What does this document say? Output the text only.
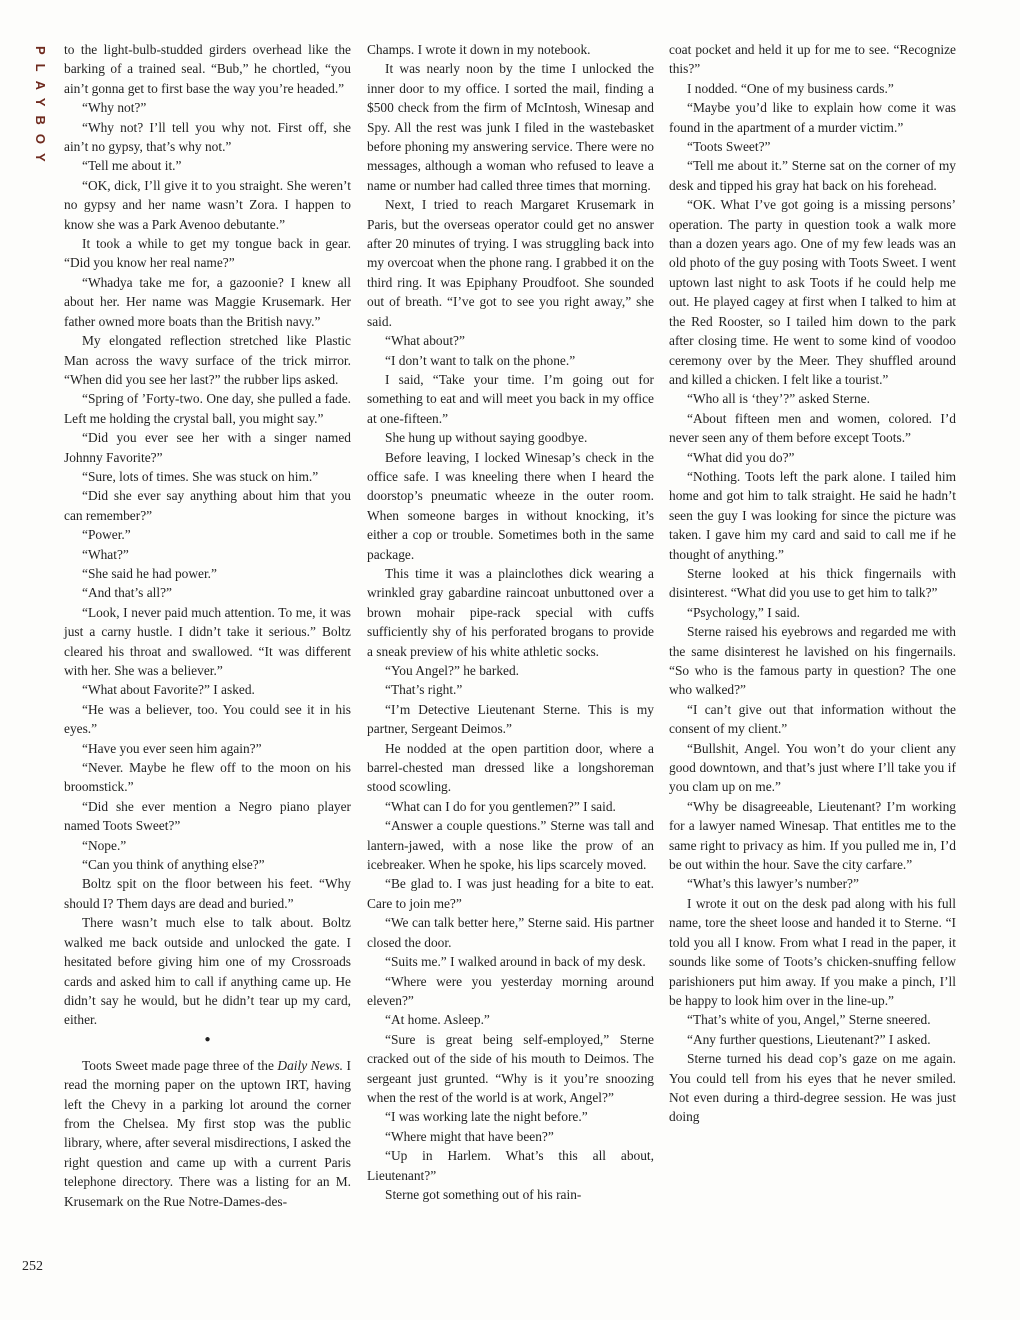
PLAYBOY to the light-bulb-studded girders overhead like the barking of a trained seal. “Bub,” he chortled, “you ain’t gonna get to first base the way you’re headed.”

“Why not?”

“Why not? I’ll tell you why not. First off, she ain’t no gypsy, that’s why not.”

“Tell me about it.”

“OK, dick, I’ll give it to you straight. She weren’t no gypsy and her name wasn’t Zora. I happen to know she was a Park Avenoo debutante.”

It took a while to get my tongue back in gear. “Did you know her real name?”

“Whadya take me for, a gazoonie? I knew all about her. Her name was Maggie Krusemark. Her father owned more boats than the British navy.”

My elongated reflection stretched like Plastic Man across the wavy surface of the trick mirror. “When did you see her last?” the rubber lips asked.

“Spring of ’Forty-two. One day, she pulled a fade. Left me holding the crystal ball, you might say.”

“Did you ever see her with a singer named Johnny Favorite?”

“Sure, lots of times. She was stuck on him.”

“Did she ever say anything about him that you can remember?”

“Power.”

“What?”

“She said he had power.”

“And that’s all?”

“Look, I never paid much attention. To me, it was just a carny hustle. I didn’t take it serious.” Boltz cleared his throat and swallowed. “It was different with her. She was a believer.”

“What about Favorite?” I asked.

“He was a believer, too. You could see it in his eyes.”

“Have you ever seen him again?”

“Never. Maybe he flew off to the moon on his broomstick.”

“Did she ever mention a Negro piano player named Toots Sweet?”

“Nope.”

“Can you think of anything else?”

Boltz spit on the floor between his feet. “Why should I? Them days are dead and buried.”

There wasn’t much else to talk about. Boltz walked me back outside and unlocked the gate. I hesitated before giving him one of my Crossroads cards and asked him to call if anything came up. He didn’t say he would, but he didn’t tear up my card, either.

●

Toots Sweet made page three of the Daily News. I read the morning paper on the uptown IRT, having left the Chevy in a parking lot around the corner from the Chelsea. My first stop was the public library, where, after several misdirections, I asked the right question and came up with a current Paris telephone directory. There was a listing for an M. Krusemark on the Rue Notre-Dames-des-

Champs. I wrote it down in my notebook.

It was nearly noon by the time I unlocked the inner door to my office. I sorted the mail, finding a $500 check from the firm of McIntosh, Winesap and Spy. All the rest was junk I filed in the wastebasket before phoning my answering service. There were no messages, although a woman who refused to leave a name or number had called three times that morning.

Next, I tried to reach Margaret Krusemark in Paris, but the overseas operator could get no answer after 20 minutes of trying. I was struggling back into my overcoat when the phone rang. I grabbed it on the third ring. It was Epiphany Proudfoot. She sounded out of breath. “I’ve got to see you right away,” she said.

“What about?”

“I don’t want to talk on the phone.”

I said, “Take your time. I’m going out for something to eat and will meet you back in my office at one-fifteen.”

She hung up without saying goodbye.

Before leaving, I locked Winesap’s check in the office safe. I was kneeling there when I heard the doorstop’s pneumatic wheeze in the outer room. When someone barges in without knocking, it’s either a cop or trouble. Sometimes both in the same package.

This time it was a plainclothes dick wearing a wrinkled gray gabardine raincoat unbuttoned over a brown mohair pipe-rack special with cuffs sufficiently shy of his perforated brogans to provide a sneak preview of his white athletic socks.

“You Angel?” he barked.

“That’s right.”

“I’m Detective Lieutenant Sterne. This is my partner, Sergeant Deimos.”

He nodded at the open partition door, where a barrel-chested man dressed like a longshoreman stood scowling.

“What can I do for you gentlemen?” I said.

“Answer a couple questions.” Sterne was tall and lantern-jawed, with a nose like the prow of an icebreaker. When he spoke, his lips scarcely moved.

“Be glad to. I was just heading for a bite to eat. Care to join me?”

“We can talk better here,” Sterne said. His partner closed the door.

“Suits me.” I walked around in back of my desk.

“Where were you yesterday morning around eleven?”

“At home. Asleep.”

“Sure is great being self-employed,” Sterne cracked out of the side of his mouth to Deimos. The sergeant just grunted. “Why is it you’re snoozing when the rest of the world is at work, Angel?”

“I was working late the night before.”

“Where might that have been?”

“Up in Harlem. What’s this all about, Lieutenant?”

Sterne got something out of his rain-

coat pocket and held it up for me to see. “Recognize this?”

I nodded. “One of my business cards.”

“Maybe you’d like to explain how come it was found in the apartment of a murder victim.”

“Toots Sweet?”

“Tell me about it.” Sterne sat on the corner of my desk and tipped his gray hat back on his forehead.

“OK. What I’ve got going is a missing persons’ operation. The party in question took a walk more than a dozen years ago. One of my few leads was an old photo of the guy posing with Toots Sweet. I went uptown last night to ask Toots if he could help me out. He played cagey at first when I talked to him at the Red Rooster, so I tailed him down to the park after closing time. He went to some kind of voodoo ceremony over by the Meer. They shuffled around and killed a chicken. I felt like a tourist.”

“Who all is ‘they’?” asked Sterne.

“About fifteen men and women, colored. I’d never seen any of them before except Toots.”

“What did you do?”

“Nothing. Toots left the park alone. I tailed him home and got him to talk straight. He said he hadn’t seen the guy I was looking for since the picture was taken. I gave him my card and said to call me if he thought of anything.”

Sterne looked at his thick fingernails with disinterest. “What did you use to get him to talk?”

“Psychology,” I said.

Sterne raised his eyebrows and regarded me with the same disinterest he lavished on his fingernails. “So who is the famous party in question? The one who walked?”

“I can’t give out that information without the consent of my client.”

“Bullshit, Angel. You won’t do your client any good downtown, and that’s just where I’ll take you if you clam up on me.”

“Why be disagreeable, Lieutenant? I’m working for a lawyer named Winesap. That entitles me to the same right to privacy as him. If you pulled me in, I’d be out within the hour. Save the city carfare.”

“What’s this lawyer’s number?”

I wrote it out on the desk pad along with his full name, tore the sheet loose and handed it to Sterne. “I told you all I know. From what I read in the paper, it sounds like some of Toots’s chicken-snuffing fellow parishioners put him away. If you make a pinch, I’ll be happy to look him over in the line-up.”

“That’s white of you, Angel,” Sterne sneered.

“Any further questions, Lieutenant?” I asked.

Sterne turned his dead cop’s gaze on me again. You could tell from his eyes that he never smiled. Not even during a third-degree session. He was just doing

252
